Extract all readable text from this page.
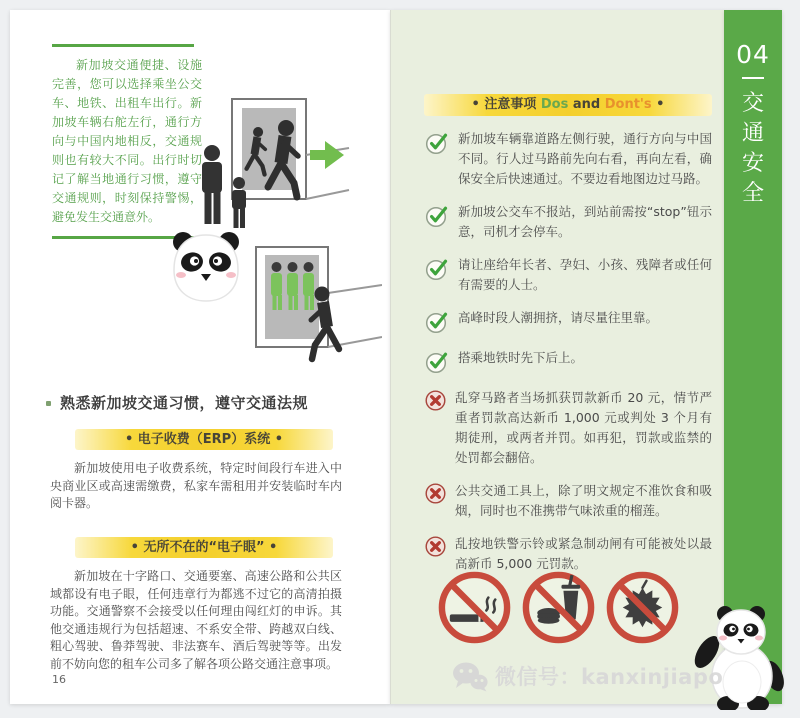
新加坡交通便捷、设施完善，您可以选择乘坐公交车、地铁、出租车出行。新加坡车辆右舵左行，通行方向与中国内地相反，交通规则也有较大不同。出行时切记了解当地通行习惯，遵守交通规则，时刻保持警惕，避免发生交通意外。
熟悉新加坡交通习惯，遵守交通法规
• 电子收费（ERP）系统 •
新加坡使用电子收费系统，特定时间段行车进入中央商业区或高速需缴费，私家车需租用并安装临时车内阅卡器。
• 无所不在的“电子眼” •
新加坡在十字路口、交通要塞、高速公路和公共区域都设有电子眼，任何违章行为都逃不过它的高清拍摄功能。交通警察不会接受以任何理由闯红灯的申诉。其他交通违规行为包括超速、不系安全带、跨越双白线、粗心驾驶、鲁莽驾驶、非法赛车、酒后驾驶等等。出发前不妨向您的租车公司多了解各项公路交通注意事项。
16
• 注意事项 Dos and Dont's •

新加坡车辆靠道路左侧行驶，通行方向与中国不同。行人过马路前先向右看，再向左看，确保安全后快速通过。不要边看地图边过马路。

新加坡公交车不报站，到站前需按“stop”钮示意，司机才会停车。

请让座给年长者、孕妇、小孩、残障者或任何有需要的人士。

高峰时段人潮拥挤，请尽量往里靠。

搭乘地铁时先下后上。

乱穿马路者当场抓获罚款新币 20 元，情节严重者罚款高达新币 1,000 元或判处 3 个月有期徒刑，或两者并罚。如再犯，罚款或监禁的处罚都会翻倍。

公共交通工具上，除了明文规定不准饮食和吸烟，同时也不准携带气味浓重的榴莲。

乱按地铁警示铃或紧急制动闸有可能被处以最高新币 5,000 元罚款。

04
交
通
安
全
微信号：kanxinjiapo
